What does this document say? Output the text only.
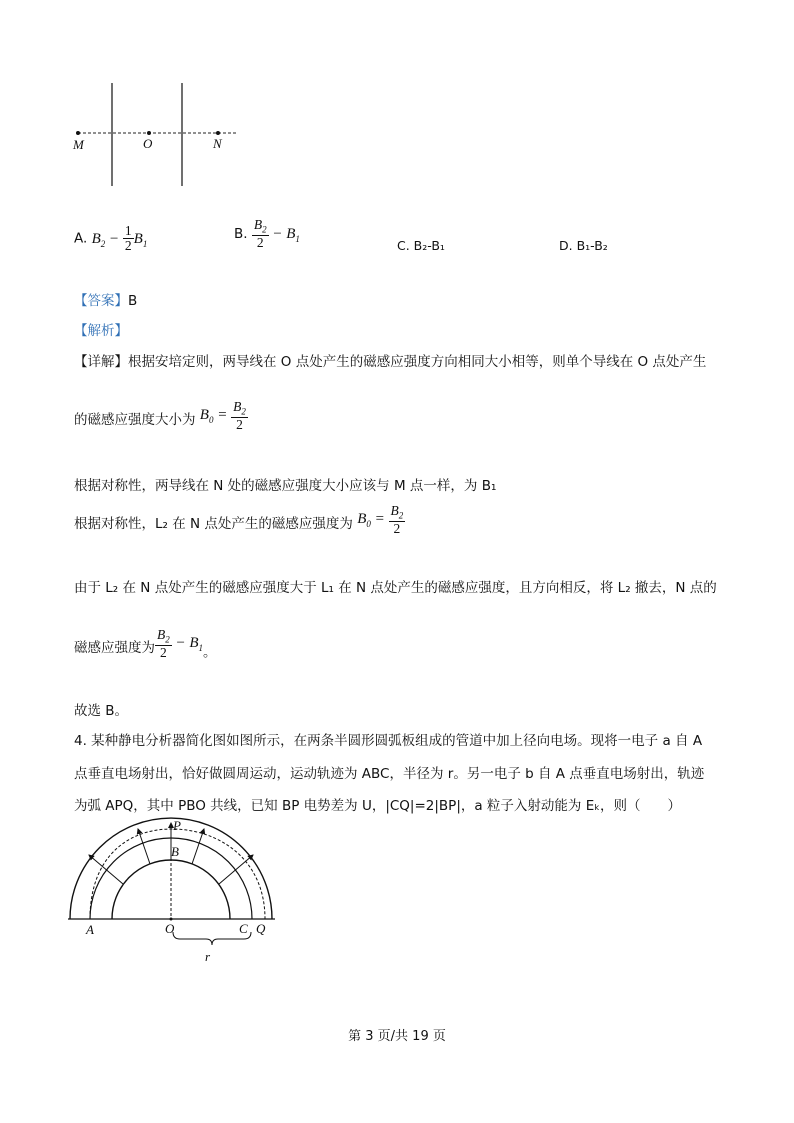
M	O	N
A. $B_2 - \frac{1}{2} B_1$
B. $\frac{B_2}{2} - B_1$	C. B₂-B₁	D. B₁-B₂
【答案】B
【解析】
【详解】根据安培定则，两导线在 O 点处产生的磁感应强度方向相同大小相等，则单个导线在 O 点处产生
的磁感应强度大小为 $B_0 = \frac{B_2}{2}$
根据对称性，两导线在 N 处的磁感应强度大小应该与 M 点一样，为 B₁
根据对称性，L₂ 在 N 点处产生的磁感应强度为 $B_0 = \frac{B_2}{2}$
由于 L₂ 在 N 点处产生的磁感应强度大于 L₁ 在 N 点处产生的磁感应强度，且方向相反，将 L₂ 撤去，N 点的
磁感应强度为 $\frac{B_2}{2} - B_1$。
故选 B。
4. 某种静电分析器简化图如图所示，在两条半圆形圆弧板组成的管道中加上径向电场。现将一电子 a 自 A
点垂直电场射出，恰好做圆周运动，运动轨迹为 ABC，半径为 r。另一电子 b 自 A 点垂直电场射出，轨迹
为弧 APQ，其中 PBO 共线，已知 BP 电势差为 U，|CQ|=2|BP|，a 粒子入射动能为 Eₖ，则（　　）
P
B
A	O	C Q
r
第 3 页/共 19 页
